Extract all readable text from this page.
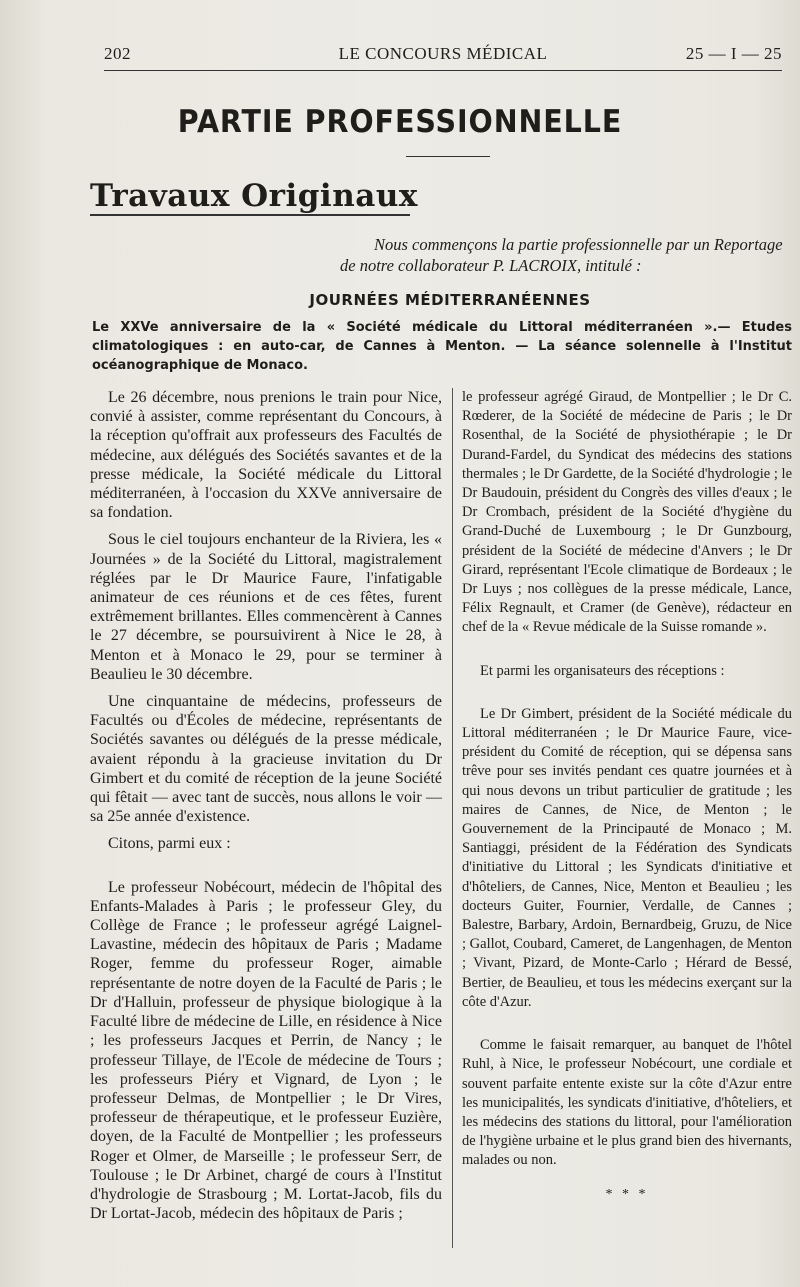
202	LE CONCOURS MÉDICAL	25 — I — 25
PARTIE PROFESSIONNELLE
Travaux Originaux

Nous commençons la partie professionnelle par un Reportage

de notre collaborateur P. LACROIX, intitulé :

JOURNÉES MÉDITERRANÉENNES
Le XXVe anniversaire de la « Société médicale du Littoral méditerranéen ».— Etudes climatologiques : en auto-car, de Cannes à Menton. — La séance solennelle à l'Institut océanographique de Monaco.

Le 26 décembre, nous prenions le train pour Nice, convié à assister, comme représentant du Concours, à la réception qu'offrait aux professeurs des Facultés de médecine, aux délégués des Sociétés savantes et de la presse médicale, la Société médicale du Littoral méditerranéen, à l'occasion du XXVe anniversaire de sa fondation.

Sous le ciel toujours enchanteur de la Riviera, les « Journées » de la Société du Littoral, magistralement réglées par le Dr Maurice Faure, l'infatigable animateur de ces réunions et de ces fêtes, furent extrêmement brillantes. Elles commencèrent à Cannes le 27 décembre, se poursuivirent à Nice le 28, à Menton et à Monaco le 29, pour se terminer à Beaulieu le 30 décembre.

Une cinquantaine de médecins, professeurs de Facultés ou d'Écoles de médecine, représentants de Sociétés savantes ou délégués de la presse médicale, avaient répondu à la gracieuse invitation du Dr Gimbert et du comité de réception de la jeune Société qui fêtait — avec tant de succès, nous allons le voir — sa 25e année d'existence.

Citons, parmi eux :

Le professeur Nobécourt, médecin de l'hôpital des Enfants-Malades à Paris ; le professeur Gley, du Collège de France ; le professeur agrégé Laignel-Lavastine, médecin des hôpitaux de Paris ; Madame Roger, femme du professeur Roger, aimable représentante de notre doyen de la Faculté de Paris ; le Dr d'Halluin, professeur de physique biologique à la Faculté libre de médecine de Lille, en résidence à Nice ; les professeurs Jacques et Perrin, de Nancy ; le professeur Tillaye, de l'Ecole de médecine de Tours ; les professeurs Piéry et Vignard, de Lyon ; le professeur Delmas, de Montpellier ; le Dr Vires, professeur de thérapeutique, et le professeur Euzière, doyen, de la Faculté de Montpellier ; les professeurs Roger et Olmer, de Marseille ; le professeur Serr, de Toulouse ; le Dr Arbinet, chargé de cours à l'Institut d'hydrologie de Strasbourg ; M. Lortat-Jacob, fils du Dr Lortat-Jacob, médecin des hôpitaux de Paris ;

le professeur agrégé Giraud, de Montpellier ; le Dr C. Rœderer, de la Société de médecine de Paris ; le Dr Rosenthal, de la Société de physiothérapie ; le Dr Durand-Fardel, du Syndicat des médecins des stations thermales ; le Dr Gardette, de la Société d'hydrologie ; le Dr Baudouin, président du Congrès des villes d'eaux ; le Dr Crombach, président de la Société d'hygiène du Grand-Duché de Luxembourg ; le Dr Gunzbourg, président de la Société de médecine d'Anvers ; le Dr Girard, représentant l'Ecole climatique de Bordeaux ; le Dr Luys ; nos collègues de la presse médicale, Lance, Félix Regnault, et Cramer (de Genève), rédacteur en chef de la « Revue médicale de la Suisse romande ».

Et parmi les organisateurs des réceptions :

Le Dr Gimbert, président de la Société médicale du Littoral méditerranéen ; le Dr Maurice Faure, vice-président du Comité de réception, qui se dépensa sans trêve pour ses invités pendant ces quatre journées et à qui nous devons un tribut particulier de gratitude ; les maires de Cannes, de Nice, de Menton ; le Gouvernement de la Principauté de Monaco ; M. Santiaggi, président de la Fédération des Syndicats d'initiative du Littoral ; les Syndicats d'initiative et d'hôteliers, de Cannes, Nice, Menton et Beaulieu ; les docteurs Guiter, Fournier, Verdalle, de Cannes ; Balestre, Barbary, Ardoin, Bernardbeig, Gruzu, de Nice ; Gallot, Coubard, Cameret, de Langenhagen, de Menton ; Vivant, Pizard, de Monte-Carlo ; Hérard de Bessé, Bertier, de Beaulieu, et tous les médecins exerçant sur la côte d'Azur.

Comme le faisait remarquer, au banquet de l'hôtel Ruhl, à Nice, le professeur Nobécourt, une cordiale et souvent parfaite entente existe sur la côte d'Azur entre les municipalités, les syndicats d'initiative, d'hôteliers, et les médecins des stations du littoral, pour l'amélioration de l'hygiène urbaine et le plus grand bien des hivernants, malades ou non.

* * *
